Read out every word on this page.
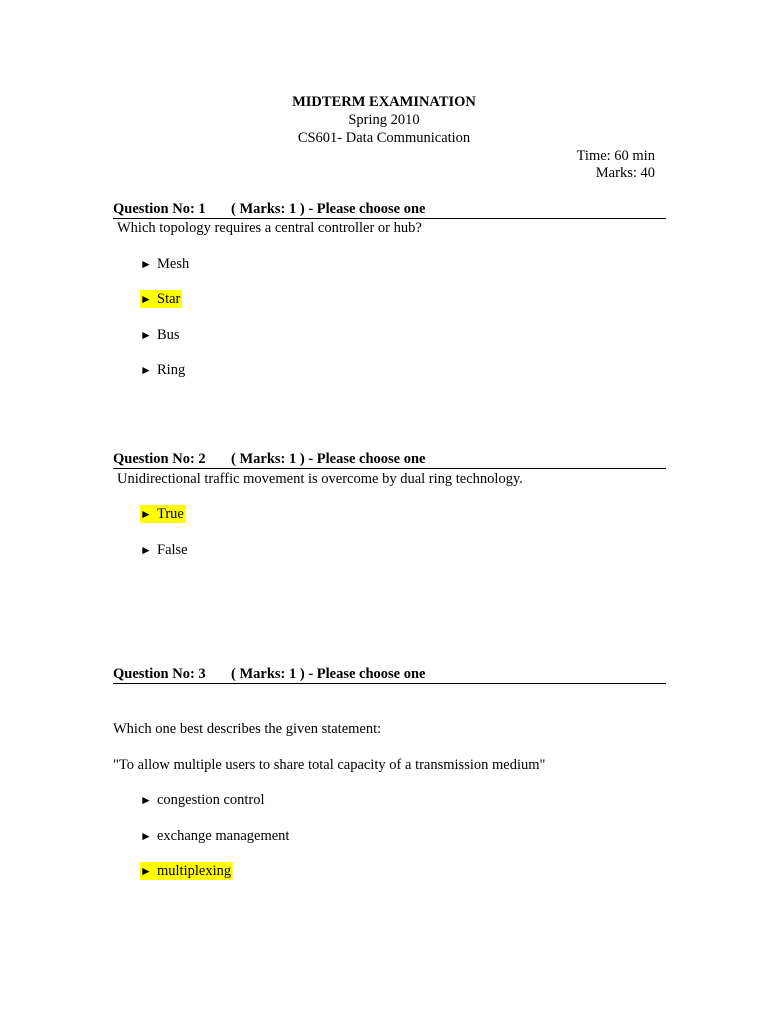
MIDTERM EXAMINATION
Spring 2010
CS601- Data Communication
Time: 60 min
Marks: 40
Question No: 1 ( Marks: 1 ) - Please choose one
Which topology requires a central controller or hub?
► Mesh
► Star
► Bus
► Ring
Question No: 2 ( Marks: 1 ) - Please choose one
Unidirectional traffic movement is overcome by dual ring technology.
► True
► False
Question No: 3 ( Marks: 1 ) - Please choose one
Which one best describes the given statement:
"To allow multiple users to share total capacity of a transmission medium"
► congestion control
► exchange management
► multiplexing
